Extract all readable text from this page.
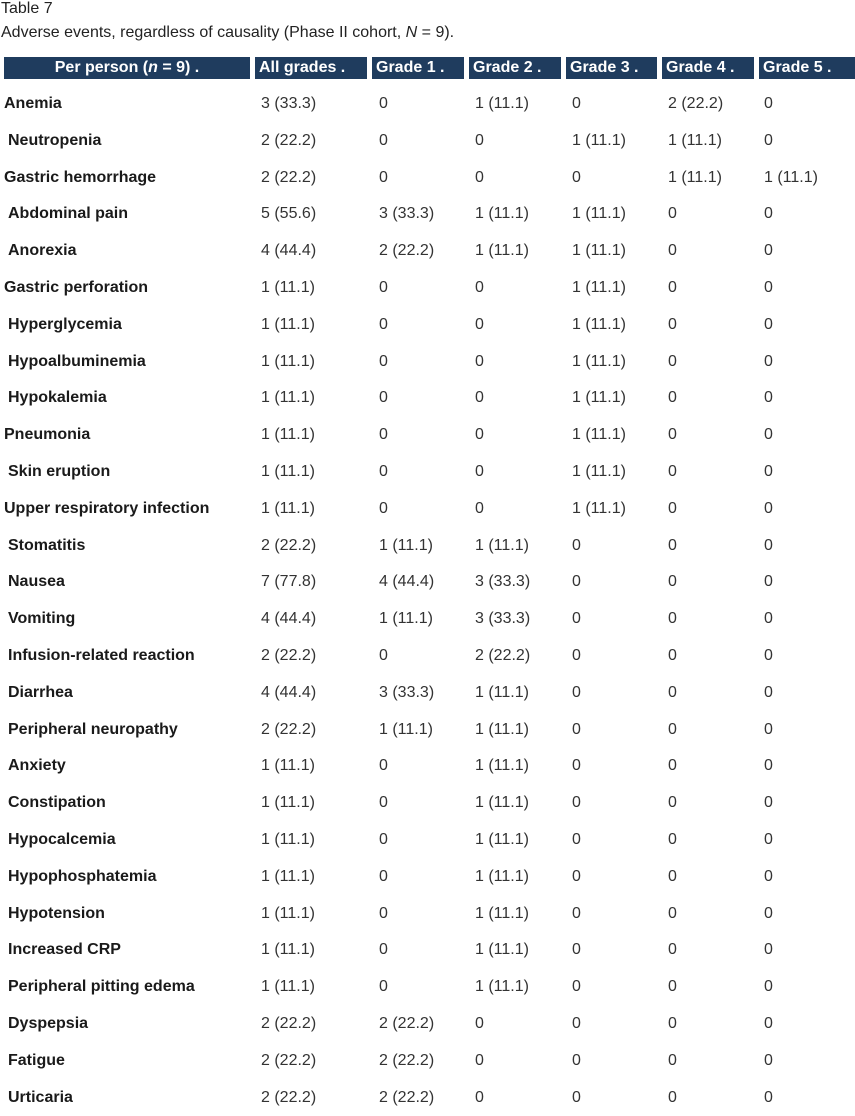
Table 7
Adverse events, regardless of causality (Phase II cohort, N = 9).
Per person (n = 9) .	All grades .	Grade 1 .	Grade 2 .	Grade 3 .	Grade 4 .	Grade 5 .
Anemia	3 (33.3)	0	1 (11.1)	0	2 (22.2)	0
Neutropenia	2 (22.2)	0	0	1 (11.1)	1 (11.1)	0
Gastric hemorrhage	2 (22.2)	0	0	0	1 (11.1)	1 (11.1)
Abdominal pain	5 (55.6)	3 (33.3)	1 (11.1)	1 (11.1)	0	0
Anorexia	4 (44.4)	2 (22.2)	1 (11.1)	1 (11.1)	0	0
Gastric perforation	1 (11.1)	0	0	1 (11.1)	0	0
Hyperglycemia	1 (11.1)	0	0	1 (11.1)	0	0
Hypoalbuminemia	1 (11.1)	0	0	1 (11.1)	0	0
Hypokalemia	1 (11.1)	0	0	1 (11.1)	0	0
Pneumonia	1 (11.1)	0	0	1 (11.1)	0	0
Skin eruption	1 (11.1)	0	0	1 (11.1)	0	0
Upper respiratory infection	1 (11.1)	0	0	1 (11.1)	0	0
Stomatitis	2 (22.2)	1 (11.1)	1 (11.1)	0	0	0
Nausea	7 (77.8)	4 (44.4)	3 (33.3)	0	0	0
Vomiting	4 (44.4)	1 (11.1)	3 (33.3)	0	0	0
Infusion-related reaction	2 (22.2)	0	2 (22.2)	0	0	0
Diarrhea	4 (44.4)	3 (33.3)	1 (11.1)	0	0	0
Peripheral neuropathy	2 (22.2)	1 (11.1)	1 (11.1)	0	0	0
Anxiety	1 (11.1)	0	1 (11.1)	0	0	0
Constipation	1 (11.1)	0	1 (11.1)	0	0	0
Hypocalcemia	1 (11.1)	0	1 (11.1)	0	0	0
Hypophosphatemia	1 (11.1)	0	1 (11.1)	0	0	0
Hypotension	1 (11.1)	0	1 (11.1)	0	0	0
Increased CRP	1 (11.1)	0	1 (11.1)	0	0	0
Peripheral pitting edema	1 (11.1)	0	1 (11.1)	0	0	0
Dyspepsia	2 (22.2)	2 (22.2)	0	0	0	0
Fatigue	2 (22.2)	2 (22.2)	0	0	0	0
Urticaria	2 (22.2)	2 (22.2)	0	0	0	0
